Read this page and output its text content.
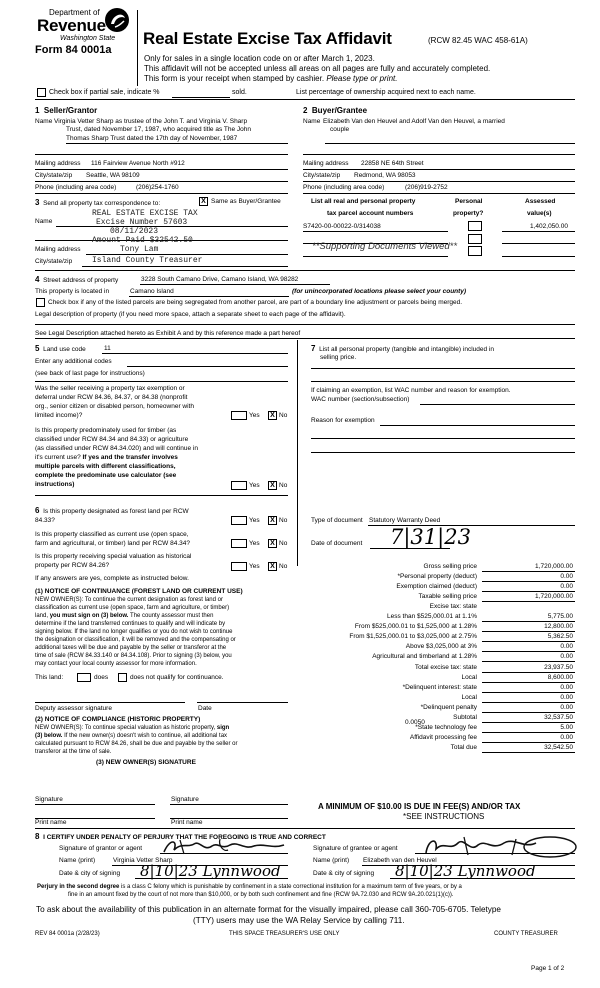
Department of
Revenue
Washington State
Form 84 0001a
Real Estate Excise Tax Affidavit	(RCW 82.45 WAC 458-61A)
Only for sales in a single location code on or after March 1, 2023.
This affidavit will not be accepted unless all areas on all pages are fully and accurately completed.
This form is your receipt when stamped by cashier. Please type or print.
Check box if partial sale, indicate %	sold.	List percentage of ownership acquired next to each name.
1 Seller/Grantor
Name Virginia Vetter Sharp as trustee of the John T. and Virginia V. Sharp
Trust, dated November 17, 1987, who acquired title as The John
Thomas Sharp Trust dated the 17th day of November, 1987
Mailing address 116 Fairview Avenue North #912
City/state/zip Seattle, WA 98109
Phone (including area code)	(206)254-1760
2 Buyer/Grantee
Name Elizabeth Van den Heuvel and Adolf Van den Heuvel, a married
couple
Mailing address 22858 NE 64th Street
City/state/zip Redmond, WA 98053
Phone (including area code)	(206)919-2752
3 Send all property tax correspondence to:	X Same as Buyer/Grantee
Name
Mailing address
City/state/zip
REAL ESTATE EXCISE TAX
Excise Number 57603
08/11/2023
Amount Paid $32542.50
Tony Lam
Island County Treasurer
List all real and personal property
tax parcel account numbers
Personal
property?
Assessed
value(s)
S7420-00-00022-0/314038	1,402,050.00
**Supporting Documents Viewed**
4 Street address of property	3228 South Camano Drive, Camano Island, WA 98282
This property is located in	Camano Island	(for unincorporated locations please select your county)
Check box if any of the listed parcels are being segregated from another parcel, are part of a boundary line adjustment or parcels being merged.
Legal description of property (if you need more space, attach a separate sheet to each page of the affidavit).
See Legal Description attached hereto as Exhibit A and by this reference made a part hereof
5 Land use code	11
Enter any additional codes
(see back of last page for instructions)
Was the seller receiving a property tax exemption or
deferral under RCW 84.36, 84.37, or 84.38 (nonprofit
org., senior citizen or disabled person, homeowner with
limited income)?	Yes	X No
Is this property predominately used for timber (as
classified under RCW 84.34 and 84.33) or agriculture
(as classified under RCW 84.34.020) and will continue in
it's current use? If yes and the transfer involves
multiple parcels with different classifications,
complete the predominate use calculator (see
instructions)	Yes	X No
7 List all personal property (tangible and intangible) included in
selling price.
If claiming an exemption, list WAC number and reason for exemption.
WAC number (section/subsection)
Reason for exemption
Type of document Statutory Warranty Deed
Date of document 7|31|23
6 Is this property designated as forest land per RCW
84.33?	Yes	X No
Is this property classified as current use (open space,
farm and agricultural, or timber) land per RCW 84.34?	Yes	X No
Is this property receiving special valuation as historical
property per RCW 84.26?	Yes	X No
If any answers are yes, complete as instructed below.
(1) NOTICE OF CONTINUANCE (FOREST LAND OR CURRENT USE)
NEW OWNER(S): To continue the current designation as forest land or
classification as current use (open space, farm and agriculture, or timber)
land, you must sign on (3) below. The county assessor must then
determine if the land transferred continues to qualify and will indicate by
signing below. If the land no longer qualifies or you do not wish to continue
the designation or classification, it will be removed and the compensating or
additional taxes will be due and payable by the seller or transferor at the
time of sale (RCW 84.33.140 or 84.34.108). Prior to signing (3) below, you
may contact your local county assessor for more information.
This land:	does	does not qualify for continuance.
Deputy assessor signature	Date
(2) NOTICE OF COMPLIANCE (HISTORIC PROPERTY)
NEW OWNER(S): To continue special valuation as historic property, sign
(3) below. If the new owner(s) doesn't wish to continue, all additional tax
calculated pursuant to RCW 84.26, shall be due and payable by the seller or
transferor at the time of sale.
(3) NEW OWNER(S) SIGNATURE
Signature	Signature
Print name	Print name
Gross selling price	1,720,000.00
*Personal property (deduct)	0.00
Exemption claimed (deduct)	0.00
Taxable selling price	1,720,000.00
Excise tax: state
Less than $525,000.01 at 1.1%	5,775.00
From $525,000.01 to $1,525,000 at 1.28%	12,800.00
From $1,525,000.01 to $3,025,000 at 2.75%	5,362.50
Above $3,025,000 at 3%	0.00
Agricultural and timberland at 1.28%	0.00
Total excise tax: state	23,937.50
Local	8,600.00
*Delinquent interest: state	0.00
Local	0.00
*Delinquent penalty	0.00
Subtotal	32,537.50
*State technology fee	5.00
Affidavit processing fee	0.00
Total due	32,542.50
0.0050
A MINIMUM OF $10.00 IS DUE IN FEE(S) AND/OR TAX
*SEE INSTRUCTIONS
8 I CERTIFY UNDER PENALTY OF PERJURY THAT THE FOREGOING IS TRUE AND CORRECT
Signature of grantor or agent
Name (print)	Virginia Vetter Sharp
Date & city of signing 8|10|23 Lynnwood
Signature of grantee or agent
Name (print) Elizabeth van den Heuvel
Date & city of signing 8|10|23 Lynnwood
Perjury in the second degree is a class C felony which is punishable by confinement in a state correctional institution for a maximum term of five years, or by a
fine in an amount fixed by the court of not more than $10,000, or by both such confinement and fine (RCW 9A.72.030 and RCW 9A.20.021(1)(c)).
To ask about the availability of this publication in an alternate format for the visually impaired, please call 360-705-6705. Teletype
(TTY) users may use the WA Relay Service by calling 711.
REV 84 0001a (2/28/23)	THIS SPACE TREASURER'S USE ONLY	COUNTY TREASURER
Page 1 of 2
